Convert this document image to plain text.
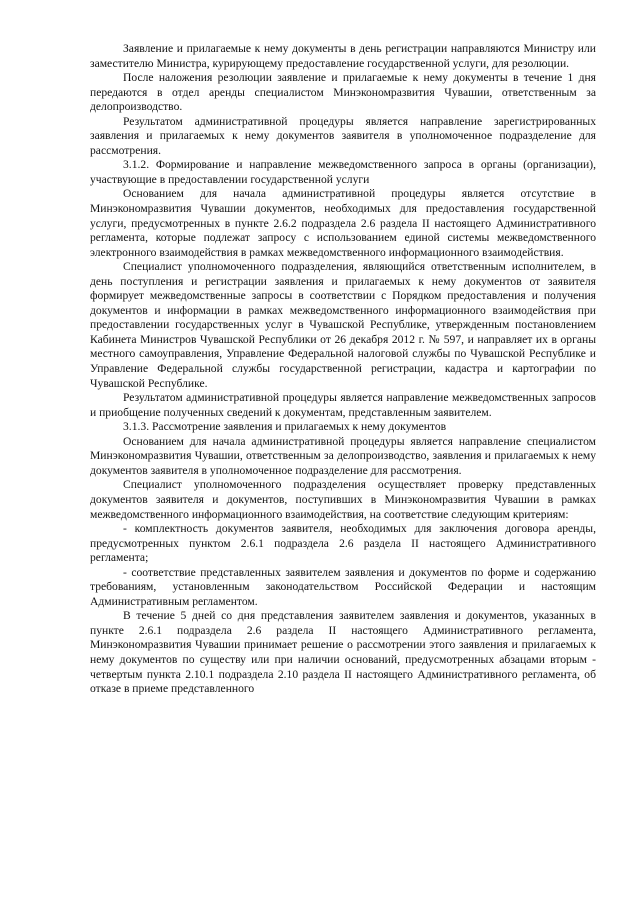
Заявление и прилагаемые к нему документы в день регистрации направляются Министру или заместителю Министра, курирующему предоставление государственной услуги, для резолюции.

После наложения резолюции заявление и прилагаемые к нему документы в течение 1 дня передаются в отдел аренды специалистом Минэкономразвития Чувашии, ответственным за делопроизводство.

Результатом административной процедуры является направление зарегистрированных заявления и прилагаемых к нему документов заявителя в уполномоченное подразделение для рассмотрения.

3.1.2. Формирование и направление межведомственного запроса в органы (организации), участвующие в предоставлении государственной услуги

Основанием для начала административной процедуры является отсутствие в Минэкономразвития Чувашии документов, необходимых для предоставления государственной услуги, предусмотренных в пункте 2.6.2 подраздела 2.6 раздела II настоящего Административного регламента, которые подлежат запросу с использованием единой системы межведомственного электронного взаимодействия в рамках межведомственного информационного взаимодействия.

Специалист уполномоченного подразделения, являющийся ответственным исполнителем, в день поступления и регистрации заявления и прилагаемых к нему документов от заявителя формирует межведомственные запросы в соответствии с Порядком предоставления и получения документов и информации в рамках межведомственного информационного взаимодействия при предоставлении государственных услуг в Чувашской Республике, утвержденным постановлением Кабинета Министров Чувашской Республики от 26 декабря 2012 г. № 597, и направляет их в органы местного самоуправления, Управление Федеральной налоговой службы по Чувашской Республике и Управление Федеральной службы государственной регистрации, кадастра и картографии по Чувашской Республике.

Результатом административной процедуры является направление межведомственных запросов и приобщение полученных сведений к документам, представленным заявителем.

3.1.3. Рассмотрение заявления и прилагаемых к нему документов

Основанием для начала административной процедуры является направление специалистом Минэкономразвития Чувашии, ответственным за делопроизводство, заявления и прилагаемых к нему документов заявителя в уполномоченное подразделение для рассмотрения.

Специалист уполномоченного подразделения осуществляет проверку представленных документов заявителя и документов, поступивших в Минэкономразвития Чувашии в рамках межведомственного информационного взаимодействия, на соответствие следующим критериям:

- комплектность документов заявителя, необходимых для заключения договора аренды, предусмотренных пунктом 2.6.1 подраздела 2.6 раздела II настоящего Административного регламента;

- соответствие представленных заявителем заявления и документов по форме и содержанию требованиям, установленным законодательством Российской Федерации и настоящим Административным регламентом.

В течение 5 дней со дня представления заявителем заявления и документов, указанных в пункте 2.6.1 подраздела 2.6 раздела II настоящего Административного регламента, Минэкономразвития Чувашии принимает решение о рассмотрении этого заявления и прилагаемых к нему документов по существу или при наличии оснований, предусмотренных абзацами вторым - четвертым пункта 2.10.1 подраздела 2.10 раздела II настоящего Административного регламента, об отказе в приеме представленного
